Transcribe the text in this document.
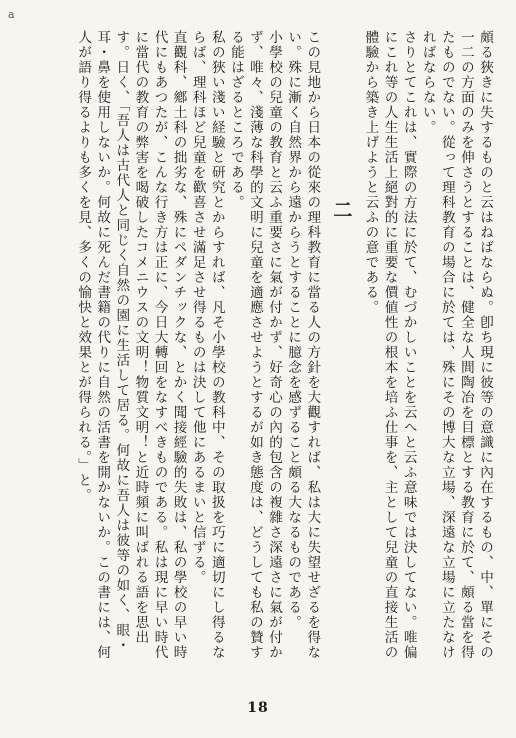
a

頗る狹きに失するものと云はねばならぬ。卽ち現に彼等の意識に內在するもの、中、單にその一二の方面のみを伸さうとすることは、健全な人間陶冶を目標とする教育に於て、頗る當を得たものでない。從って理科教育の場合に於ては、殊にその博大な立場、深遠な立場に立たなければならない。

さりとてこれは、實際の方法に於て、むづかしいことを云へと云ふ意味では決してない。唯偏にこれ等の人生生活上絕對的に重要な價値性の根本を培ふ仕事を、主として兒童の直接生活の體驗から築き上げようと云ふの意である。

二

この見地から日本の從來の理科教育に當る人の方針を大觀すれば、私は大に失望せざるを得ない。殊に漸く自然界から遠からうとすることに臆念を感ずること頗る大なるものである。

小學校の兒童の教育と云ふ重要さに氣が付かず、好奇心の內的包含の複雜さ深遠さに氣が付かず、唯々、淺薄な科學的文明に兒童を適應させようとするが如き態度は、どうしても私の贊する能はざるところである。

私の狹い淺い経驗と研究とからすれば、凡そ小學校の教科中、その取扱を巧に適切にし得るならば、理科ほど兒童を歡喜させ滿足させ得るものは決して他にあるまいと信ずる。

直觀科、鄕土科の拙劣な、殊にペダンチックな、とかく聞接經驗的失敗は、私の學校の早い時代にもあつたが、こんな行き方は正に、今日大轉回をなすべきものである。私は現に早い時代に當代の教育の弊害を喝破したコメニウスの文明！物質文明！と近時頻に叫ばれる語を思出す。日く、「吾人は古代人と同じく自然の園に生活して居る。何故に吾人は彼等の如く、眼・耳・鼻を使用しないか。何故に死んだ書籍の代りに自然の活書を開かないか。この書には、何人が語り得るよりも多くを見、多くの愉快と效果とが得られる。」と。

18
